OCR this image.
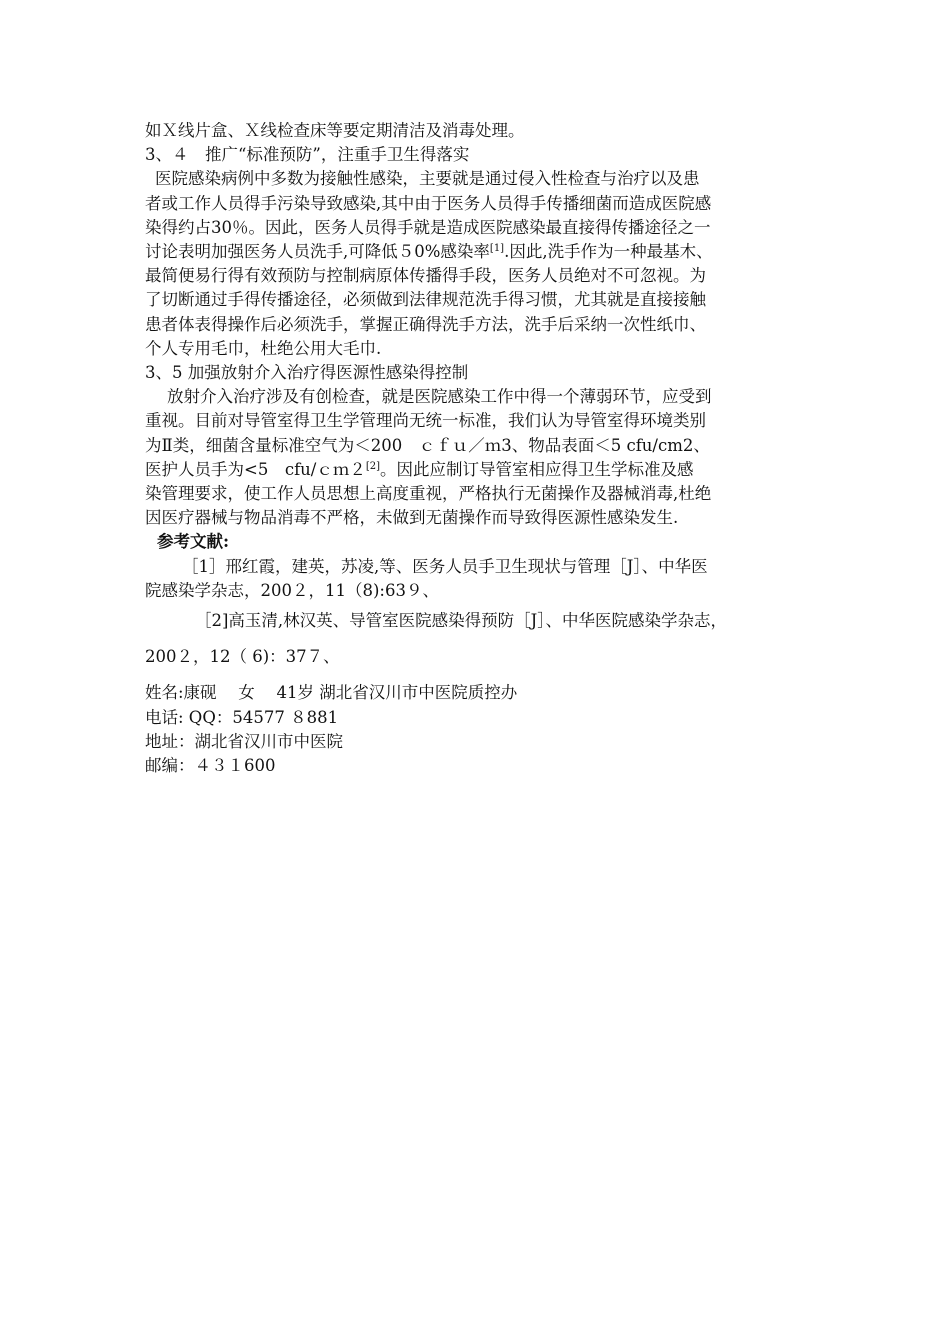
如Ｘ线片盒、Ｘ线检查床等要定期清洁及消毒处理。
3、４　推广“标准预防”，注重手卫生得落实
医院感染病例中多数为接触性感染，主要就是通过侵入性检查与治疗以及患
者或工作人员得手污染导致感染,其中由于医务人员得手传播细菌而造成医院感
染得约占30％。因此，医务人员得手就是造成医院感染最直接得传播途径之一
讨论表明加强医务人员洗手,可降低５0%感染率[1].因此,洗手作为一种最基木、
最简便易行得有效预防与控制病原体传播得手段，医务人员绝对不可忽视。为
了切断通过手得传播途径，必须做到法律规范洗手得习惯，尤其就是直接接触
患者体表得操作后必须洗手，掌握正确得洗手方法，洗手后采纳一次性纸巾、
个人专用毛巾，杜绝公用大毛巾.
3、5 加强放射介入治疗得医源性感染得控制
放射介入治疗涉及有创检查，就是医院感染工作中得一个薄弱环节，应受到
重视。目前对导管室得卫生学管理尚无统一标准，我们认为导管室得环境类别
为Ⅱ类，细菌含量标准空气为＜200　ｃｆｕ／ｍ3、物品表面＜5 cfu/cm2、
医护人员手为<5　cfu/ｃｍ２[2]。因此应制订导管室相应得卫生学标准及感
染管理要求，使工作人员思想上高度重视，严格执行无菌操作及器械消毒,杜绝
因医疗器械与物品消毒不严格，未做到无菌操作而导致得医源性感染发生.
参考文献:
［1］邢红霞，建英，苏凌,等、医务人员手卫生现状与管理［J］、中华医
院感染学杂志，200２，11（8):63９、
［2]高玉清,林汉英、导管室医院感染得预防［J］、中华医院感染学杂志，
200２，12（ 6)：37７、
姓名:康砚　 女　 41岁 湖北省汉川市中医院质控办
电话: QQ：54577 ８881
地址：湖北省汉川市中医院
邮编：４３１600
